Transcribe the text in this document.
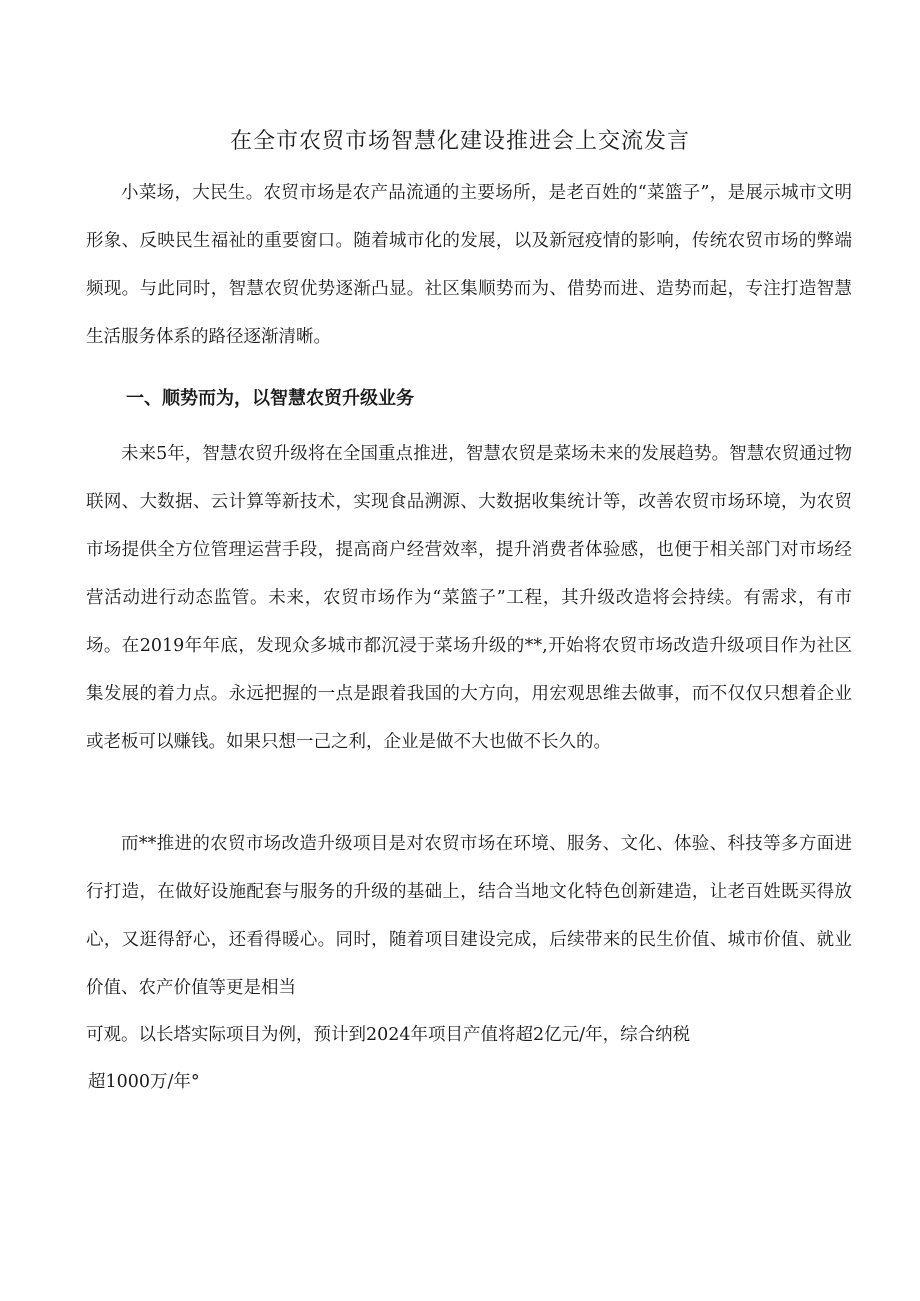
在全市农贸市场智慧化建设推进会上交流发言

小菜场，大民生。农贸市场是农产品流通的主要场所，是老百姓的“菜篮子”，是展示城市文明形象、反映民生福祉的重要窗口。随着城市化的发展，以及新冠疫情的影响，传统农贸市场的弊端频现。与此同时，智慧农贸优势逐渐凸显。社区集顺势而为、借势而进、造势而起，专注打造智慧生活服务体系的路径逐渐清晰。

一、顺势而为，以智慧农贸升级业务

未来5年，智慧农贸升级将在全国重点推进，智慧农贸是菜场未来的发展趋势。智慧农贸通过物联网、大数据、云计算等新技术，实现食品溯源、大数据收集统计等，改善农贸市场环境，为农贸市场提供全方位管理运营手段，提高商户经营效率，提升消费者体验感，也便于相关部门对市场经营活动进行动态监管。未来，农贸市场作为“菜篮子”工程，其升级改造将会持续。有需求，有市场。在2019年年底，发现众多城市都沉浸于菜场升级的**,开始将农贸市场改造升级项目作为社区集发展的着力点。永远把握的一点是跟着我国的大方向，用宏观思维去做事，而不仅仅只想着企业或老板可以赚钱。如果只想一己之利，企业是做不大也做不长久的。

而**推进的农贸市场改造升级项目是对农贸市场在环境、服务、文化、体验、科技等多方面进行打造，在做好设施配套与服务的升级的基础上，结合当地文化特色创新建造，让老百姓既买得放心，又逛得舒心，还看得暖心。同时，随着项目建设完成，后续带来的民生价值、城市价值、就业价值、农产价值等更是相当

可观。以长塔实际项目为例，预计到2024年项目产值将超2亿元/年，综合纳税
超1000万/年°
